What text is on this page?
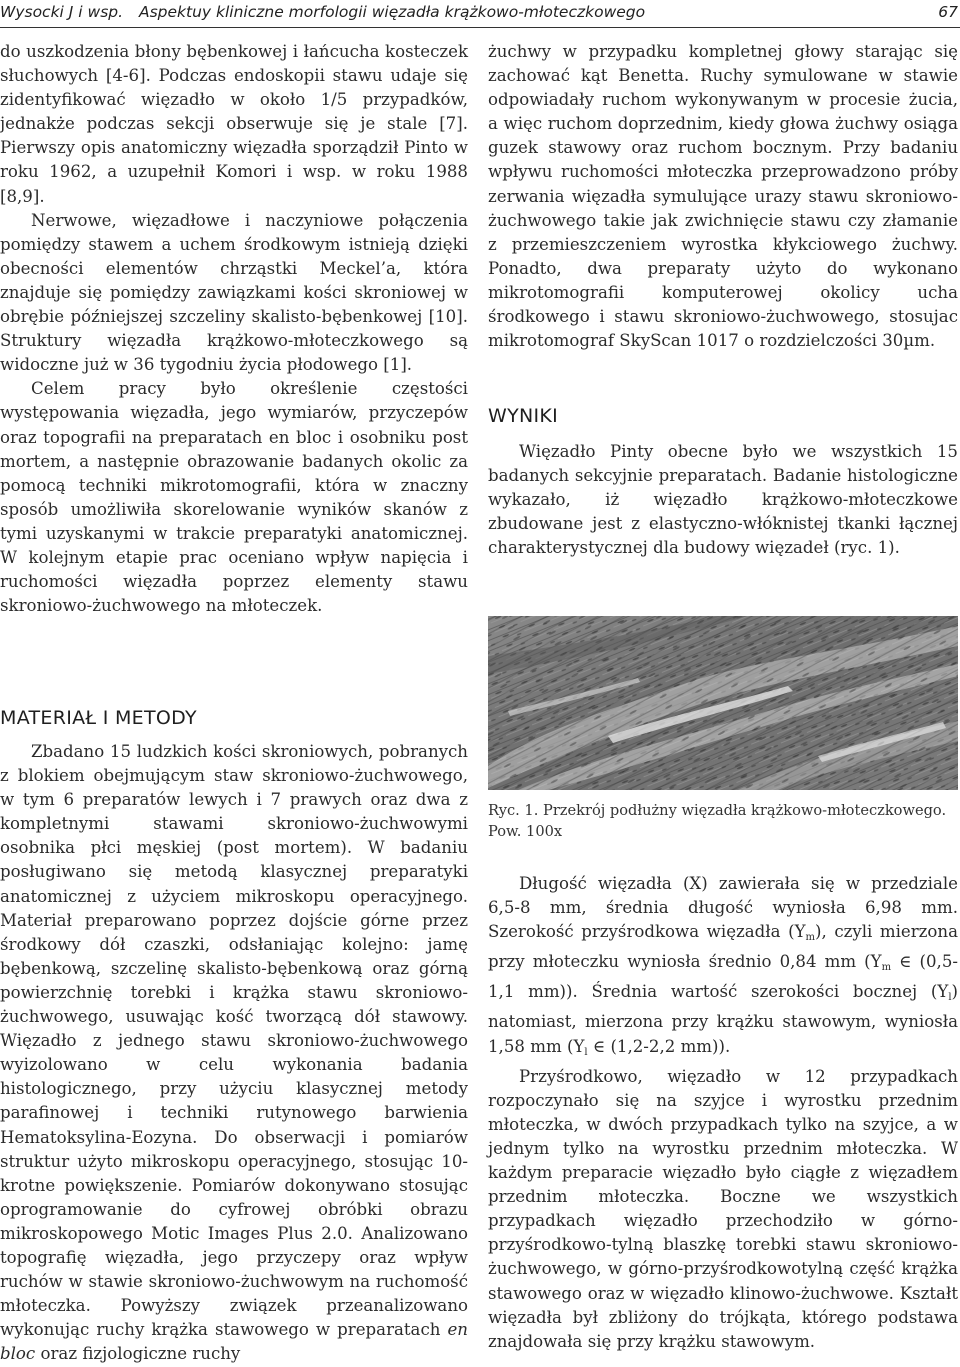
Wysocki J i wsp. Aspektuy kliniczne morfologii więzadła krążkowo-młoteczkowego	67

do uszkodzenia błony bębenkowej i łańcucha kosteczek słuchowych [4-6]. Podczas endoskopii stawu udaje się zidentyfikować więzadło w około 1/5 przypadków, jednakże podczas sekcji obserwuje się je stale [7]. Pierwszy opis anatomiczny więzadła sporządził Pinto w roku 1962, a uzupełnił Komori i wsp. w roku 1988 [8,9].

Nerwowe, więzadłowe i naczyniowe połączenia pomiędzy stawem a uchem środkowym istnieją dzięki obecności elementów chrząstki Meckel’a, która znajduje się pomiędzy zawiązkami kości skroniowej w obrębie późniejszej szczeliny skalisto-bębenkowej [10]. Struktury więzadła krążkowo-młoteczkowego są widoczne już w 36 tygodniu życia płodowego [1].

Celem pracy było określenie częstości występowania więzadła, jego wymiarów, przyczepów oraz topografii na preparatach en bloc i osobniku post mortem, a następnie obrazowanie badanych okolic za pomocą techniki mikrotomografii, która w znaczny sposób umożliwiła skorelowanie wyników skanów z tymi uzyskanymi w trakcie preparatyki anatomicznej. W kolejnym etapie prac oceniano wpływ napięcia i ruchomości więzadła poprzez elementy stawu skroniowo-żuchwowego na młoteczek.

MATERIAŁ I METODY

Zbadano 15 ludzkich kości skroniowych, pobranych z blokiem obejmującym staw skroniowo-żuchwowego, w tym 6 preparatów lewych i 7 prawych oraz dwa z kompletnymi stawami skroniowo-żuchwowymi osobnika płci męskiej (post mortem). W badaniu posługiwano się metodą klasycznej preparatyki anatomicznej z użyciem mikroskopu operacyjnego. Materiał preparowano poprzez dojście górne przez środkowy dół czaszki, odsłaniając kolejno: jamę bębenkową, szczelinę skalisto-bębenkową oraz górną powierzchnię torebki i krążka stawu skroniowo-żuchwowego, usuwając kość tworzącą dół stawowy. Więzadło z jednego stawu skroniowo-żuchwowego wyizolowano w celu wykonania badania histologicznego, przy użyciu klasycznej metody parafinowej i techniki rutynowego barwienia Hematoksylina-Eozyna. Do obserwacji i pomiarów struktur użyto mikroskopu operacyjnego, stosując 10-krotne powiększenie. Pomiarów dokonywano stosując oprogramowanie do cyfrowej obróbki obrazu mikroskopowego Motic Images Plus 2.0. Analizowano topografię więzadła, jego przyczepy oraz wpływ ruchów w stawie skroniowo-żuchwowym na ruchomość młoteczka. Powyższy związek przeanalizowano wykonując ruchy krążka stawowego w preparatach en bloc oraz fizjologiczne ruchy

żuchwy w przypadku kompletnej głowy starając się zachować kąt Benetta. Ruchy symulowane w stawie odpowiadały ruchom wykonywanym w procesie żucia, a więc ruchom doprzednim, kiedy głowa żuchwy osiąga guzek stawowy oraz ruchom bocznym. Przy badaniu wpływu ruchomości młoteczka przeprowadzono próby zerwania więzadła symulujące urazy stawu skroniowo-żuchwowego takie jak zwichnięcie stawu czy złamanie z przemieszczeniem wyrostka kłykciowego żuchwy. Ponadto, dwa preparaty użyto do wykonano mikrotomografii komputerowej okolicy ucha środkowego i stawu skroniowo-żuchwowego, stosujac mikrotomograf SkyScan 1017 o rozdzielczości 30µm.

WYNIKI

Więzadło Pinty obecne było we wszystkich 15 badanych sekcyjnie preparatach. Badanie histologiczne wykazało, iż więzadło krążkowo-młoteczkowe zbudowane jest z elastyczno-włóknistej tkanki łącznej charakterystycznej dla budowy więzadeł (ryc. 1).

Ryc. 1. Przekrój podłużny więzadła krążkowo-młoteczkowego. Pow. 100x

Długość więzadła (X) zawierała się w przedziale 6,5-8 mm, średnia długość wyniosła 6,98 mm. Szerokość przyśrodkowa więzadła $(Y_m)$, czyli mierzona przy młoteczku wyniosła średnio 0,84 mm ($Y_m$ ∈ (0,5-1,1 mm)). Średnia wartość szerokości bocznej $(Y_l)$ natomiast, mierzona przy krążku stawowym, wyniosła 1,58 mm ($Y_l$ ∈ (1,2-2,2 mm)).

Przyśrodkowo, więzadło w 12 przypadkach rozpoczynało się na szyjce i wyrostku przednim młoteczka, w dwóch przypadkach tylko na szyjce, a w jednym tylko na wyrostku przednim młoteczka. W każdym preparacie więzadło było ciągłe z więzadłem przednim młoteczka. Boczne we wszystkich przypadkach więzadło przechodziło w górno-przyśrodkowo-tylną blaszkę torebki stawu skroniowo-żuchwowego, w górno-przyśrodkowotylną część krążka stawowego oraz w więzadło klinowo-żuchwowe. Kształt więzadła był zbliżony do trójkąta, którego podstawa znajdowała się przy krążku stawowym.
